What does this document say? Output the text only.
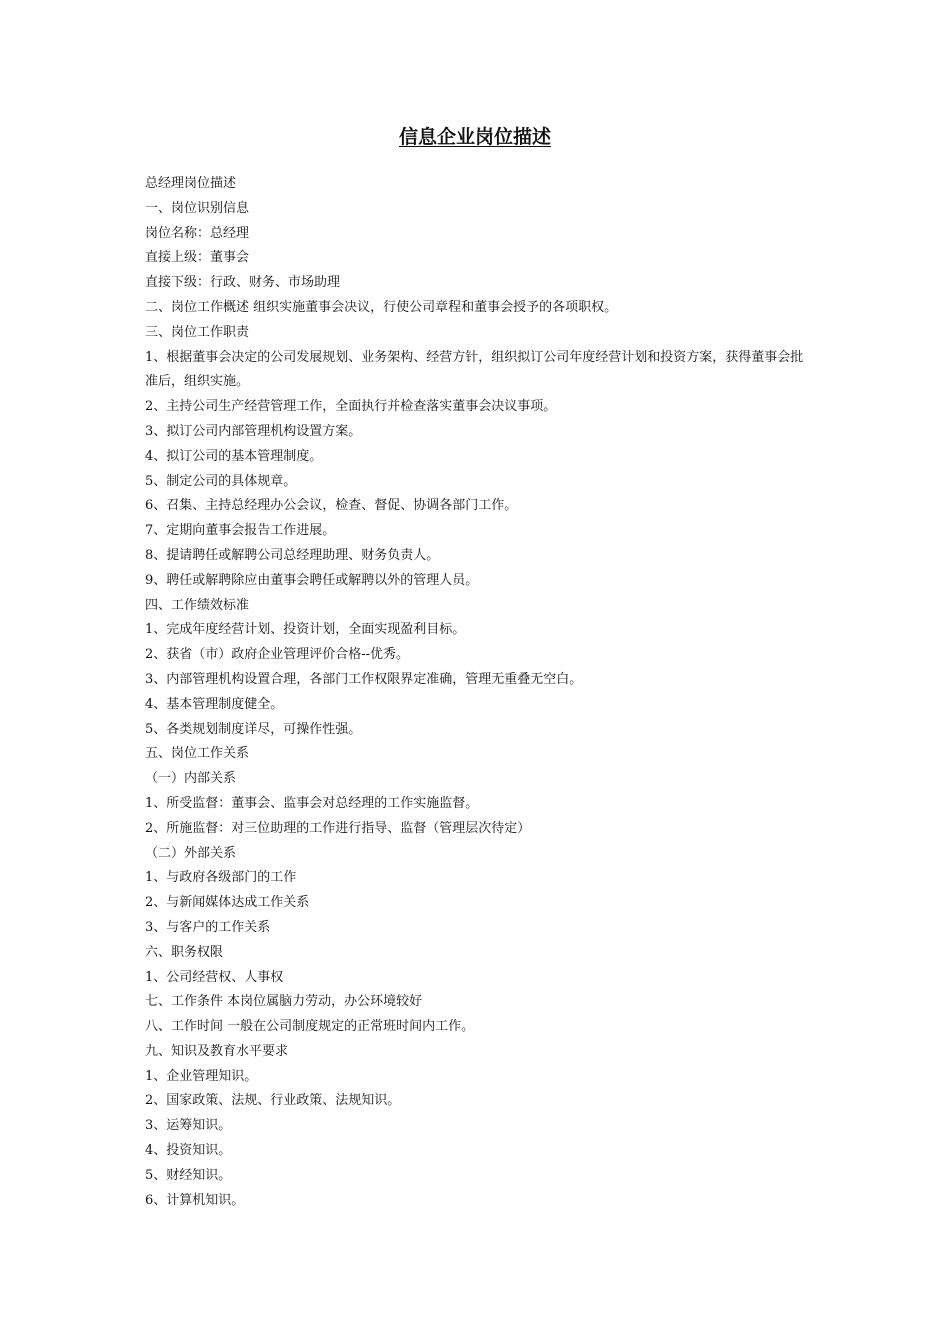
信息企业岗位描述
总经理岗位描述
一、岗位识别信息
岗位名称：总经理
直接上级：董事会
直接下级：行政、财务、市场助理
二、岗位工作概述 组织实施董事会决议，行使公司章程和董事会授予的各项职权。
三、岗位工作职责
1、根据董事会决定的公司发展规划、业务架构、经营方针，组织拟订公司年度经营计划和投资方案，获得董事会批准后，组织实施。
2、主持公司生产经营管理工作，全面执行并检查落实董事会决议事项。
3、拟订公司内部管理机构设置方案。
4、拟订公司的基本管理制度。
5、制定公司的具体规章。
6、召集、主持总经理办公会议，检查、督促、协调各部门工作。
7、定期向董事会报告工作进展。
8、提请聘任或解聘公司总经理助理、财务负责人。
9、聘任或解聘除应由董事会聘任或解聘以外的管理人员。
四、工作绩效标准
1、完成年度经营计划、投资计划，全面实现盈利目标。
2、获省（市）政府企业管理评价合格--优秀。
3、内部管理机构设置合理，各部门工作权限界定准确，管理无重叠无空白。
4、基本管理制度健全。
5、各类规划制度详尽，可操作性强。
五、岗位工作关系
（一）内部关系
1、所受监督：董事会、监事会对总经理的工作实施监督。
2、所施监督：对三位助理的工作进行指导、监督（管理层次待定）
（二）外部关系
1、与政府各级部门的工作
2、与新闻媒体达成工作关系
3、与客户的工作关系
六、职务权限
1、公司经营权、人事权
七、工作条件 本岗位属脑力劳动，办公环境较好
八、工作时间 一般在公司制度规定的正常班时间内工作。
九、知识及教育水平要求
1、企业管理知识。
2、国家政策、法规、行业政策、法规知识。
3、运筹知识。
4、投资知识。
5、财经知识。
6、计算机知识。
